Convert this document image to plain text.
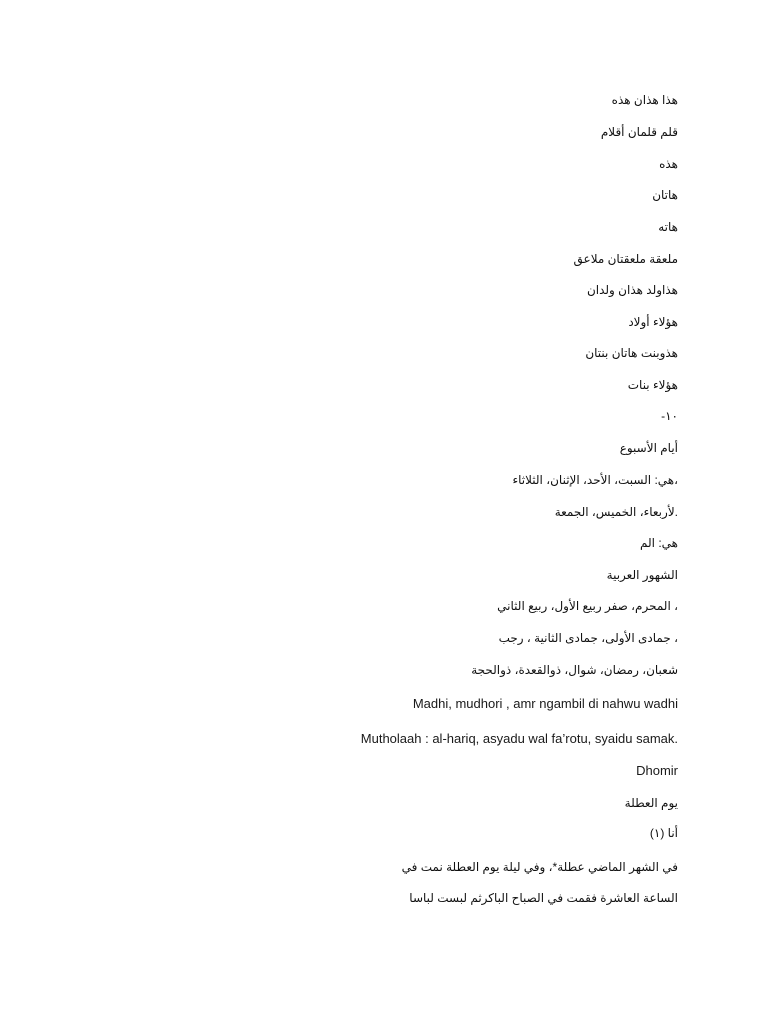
هذا هذان هذه
قلم قلمان أقلام
هذه
هاتان
هاته
ملعقة ملعقتان ملاعق
هذاولد هذان ولدان
هؤلاء أولاد
هذوبنت هاتان بنتان
هؤلاء بنات
-١٠
أيام الأسبوع
،هي: السبت، الأحد، الإثنان، الثلاثاء
.لأربعاء، الخميس، الجمعة
هي: الم
الشهور العربية
، المحرم، صفر ربيع الأول، ربيع الثاني
، جمادى الأولى، جمادى الثانية ، رجب
شعبان، رمضان، شوال، ذوالقعدة، ذوالحجة
Madhi, mudhori , amr ngambil di nahwu wadhi
Mutholaah : al-hariq, asyadu wal fa’rotu, syaidu samak.
Dhomir
يوم العطلة
أنا (١)
في الشهر الماضي عطلة*، وفي ليلة يوم العطلة نمت في
الساعة العاشرة فقمت في الصباح الباكرثم لبست لباسا
